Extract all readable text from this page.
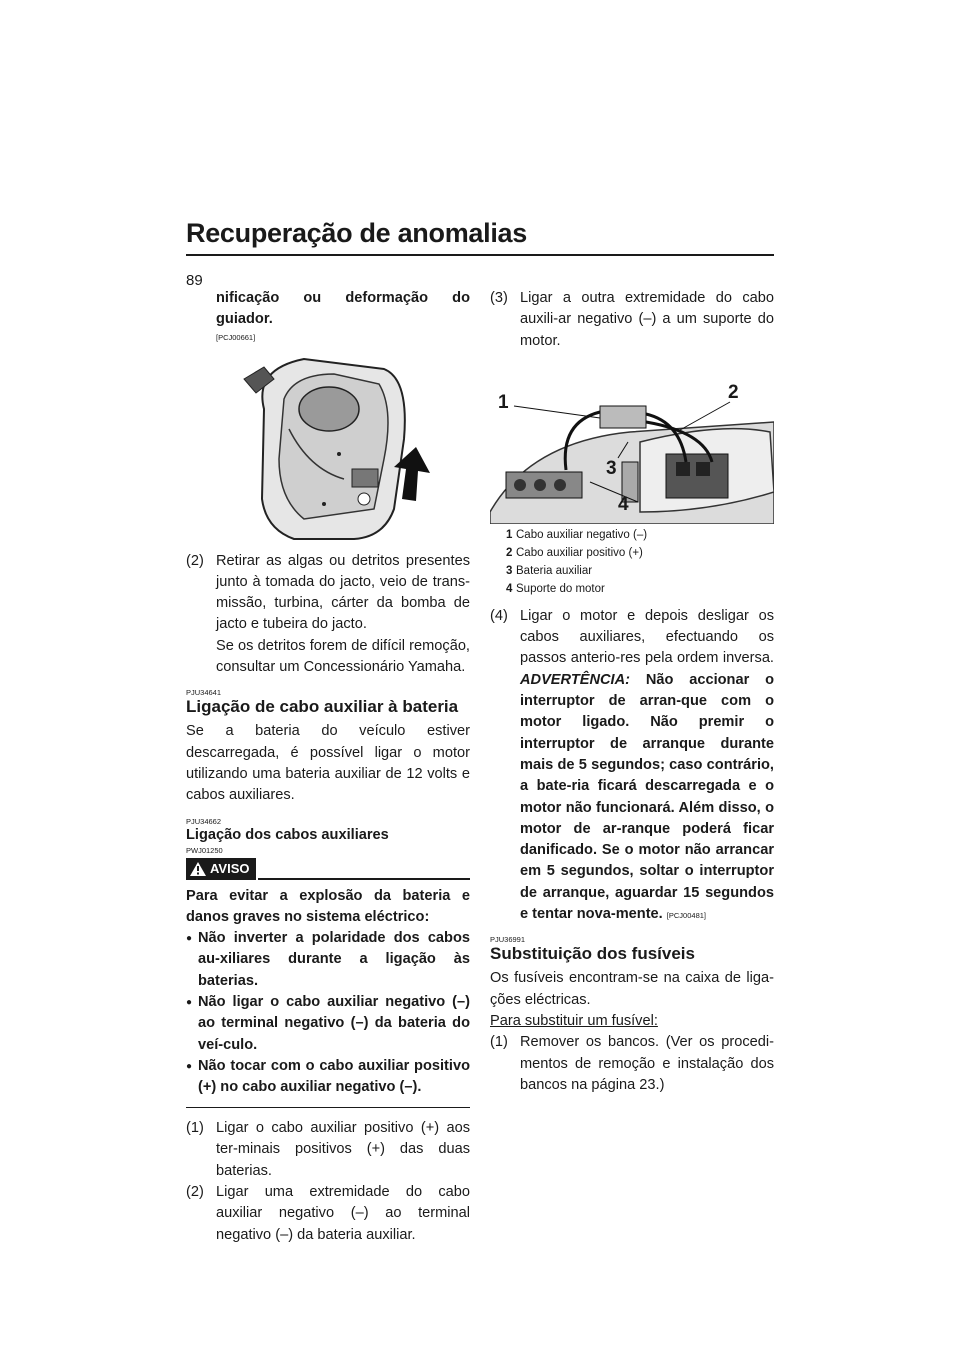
Recuperação de anomalias
89

nificação ou deformação do guiador.

[PCJ00661]
(2) Retirar as algas ou detritos presentes junto à tomada do jacto, veio de trans-missão, turbina, cárter da bomba de jacto e tubeira do jacto.

Se os detritos forem de difícil remoção, consultar um Concessionário Yamaha.

PJU34641
Ligação de cabo auxiliar à bateria

Se a bateria do veículo estiver descarregada, é possível ligar o motor utilizando uma bateria auxiliar de 12 volts e cabos auxiliares.

PJU34662
Ligação dos cabos auxiliares
PWJ01250
AVISO

Para evitar a explosão da bateria e danos graves no sistema eléctrico:

● Não inverter a polaridade dos cabos au-xiliares durante a ligação às baterias.
● Não ligar o cabo auxiliar negativo (–) ao terminal negativo (–) da bateria do veí-culo.
● Não tocar com o cabo auxiliar positivo (+) no cabo auxiliar negativo (–).
(1) Ligar o cabo auxiliar positivo (+) aos ter-minais positivos (+) das duas baterias.
(2) Ligar uma extremidade do cabo auxiliar negativo (–) ao terminal negativo (–) da bateria auxiliar.
(3) Ligar a outra extremidade do cabo auxili-ar negativo (–) a um suporte do motor.
1	2
3
4
1 Cabo auxiliar negativo (–)
2 Cabo auxiliar positivo (+)
3 Bateria auxiliar
4 Suporte do motor
(4) Ligar o motor e depois desligar os cabos auxiliares, efectuando os passos anterio-res pela ordem inversa. ADVERTÊNCIA: Não accionar o interruptor de arran-que com o motor ligado. Não premir o interruptor de arranque durante mais de 5 segundos; caso contrário, a bate-ria ficará descarregada e o motor não funcionará. Além disso, o motor de ar-ranque poderá ficar danificado. Se o motor não arrancar em 5 segundos, soltar o interruptor de arranque, aguardar 15 segundos e tentar nova-mente. [PCJ00481]
PJU36991
Substituição dos fusíveis

Os fusíveis encontram-se na caixa de liga-ções eléctricas.

Para substituir um fusível:

(1) Remover os bancos. (Ver os procedi-mentos de remoção e instalação dos bancos na página 23.)
